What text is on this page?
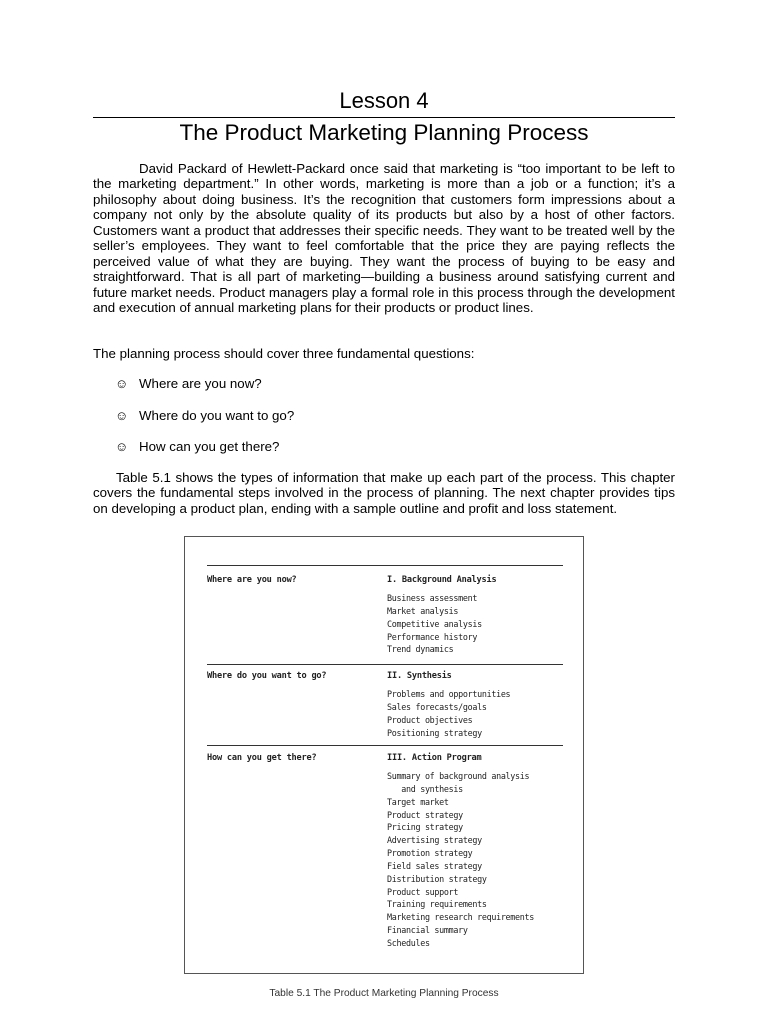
Lesson 4
The Product Marketing Planning Process

David Packard of Hewlett-Packard once said that marketing is “too important to be left to the marketing department.” In other words, marketing is more than a job or a function; it’s a philosophy about doing business. It’s the recognition that customers form impressions about a company not only by the absolute quality of its products but also by a host of other factors. Customers want a product that addresses their specific needs. They want to be treated well by the seller’s employees. They want to feel comfortable that the price they are paying reflects the perceived value of what they are buying. They want the process of buying to be easy and straightforward. That is all part of marketing—building a business around satisfying current and future market needs. Product managers play a formal role in this process through the development and execution of annual marketing plans for their products or product lines.

The planning process should cover three fundamental questions:

☺ Where are you now?
☺ Where do you want to go?
☺ How can you get there?

Table 5.1 shows the types of information that make up each part of the process. This chapter covers the fundamental steps involved in the process of planning. The next chapter provides tips on developing a product plan, ending with a sample outline and profit and loss statement.

Where are you now?	I. Background Analysis
Business assessment
Market analysis
Competitive analysis
Performance history
Trend dynamics
Where do you want to go?	II. Synthesis
Problems and opportunities
Sales forecasts/goals
Product objectives
Positioning strategy
How can you get there?	III. Action Program
Summary of background analysis
and synthesis
Target market
Product strategy
Pricing strategy
Advertising strategy
Promotion strategy
Field sales strategy
Distribution strategy
Product support
Training requirements
Marketing research requirements
Financial summary
Schedules
Table 5.1 The Product Marketing Planning Process
